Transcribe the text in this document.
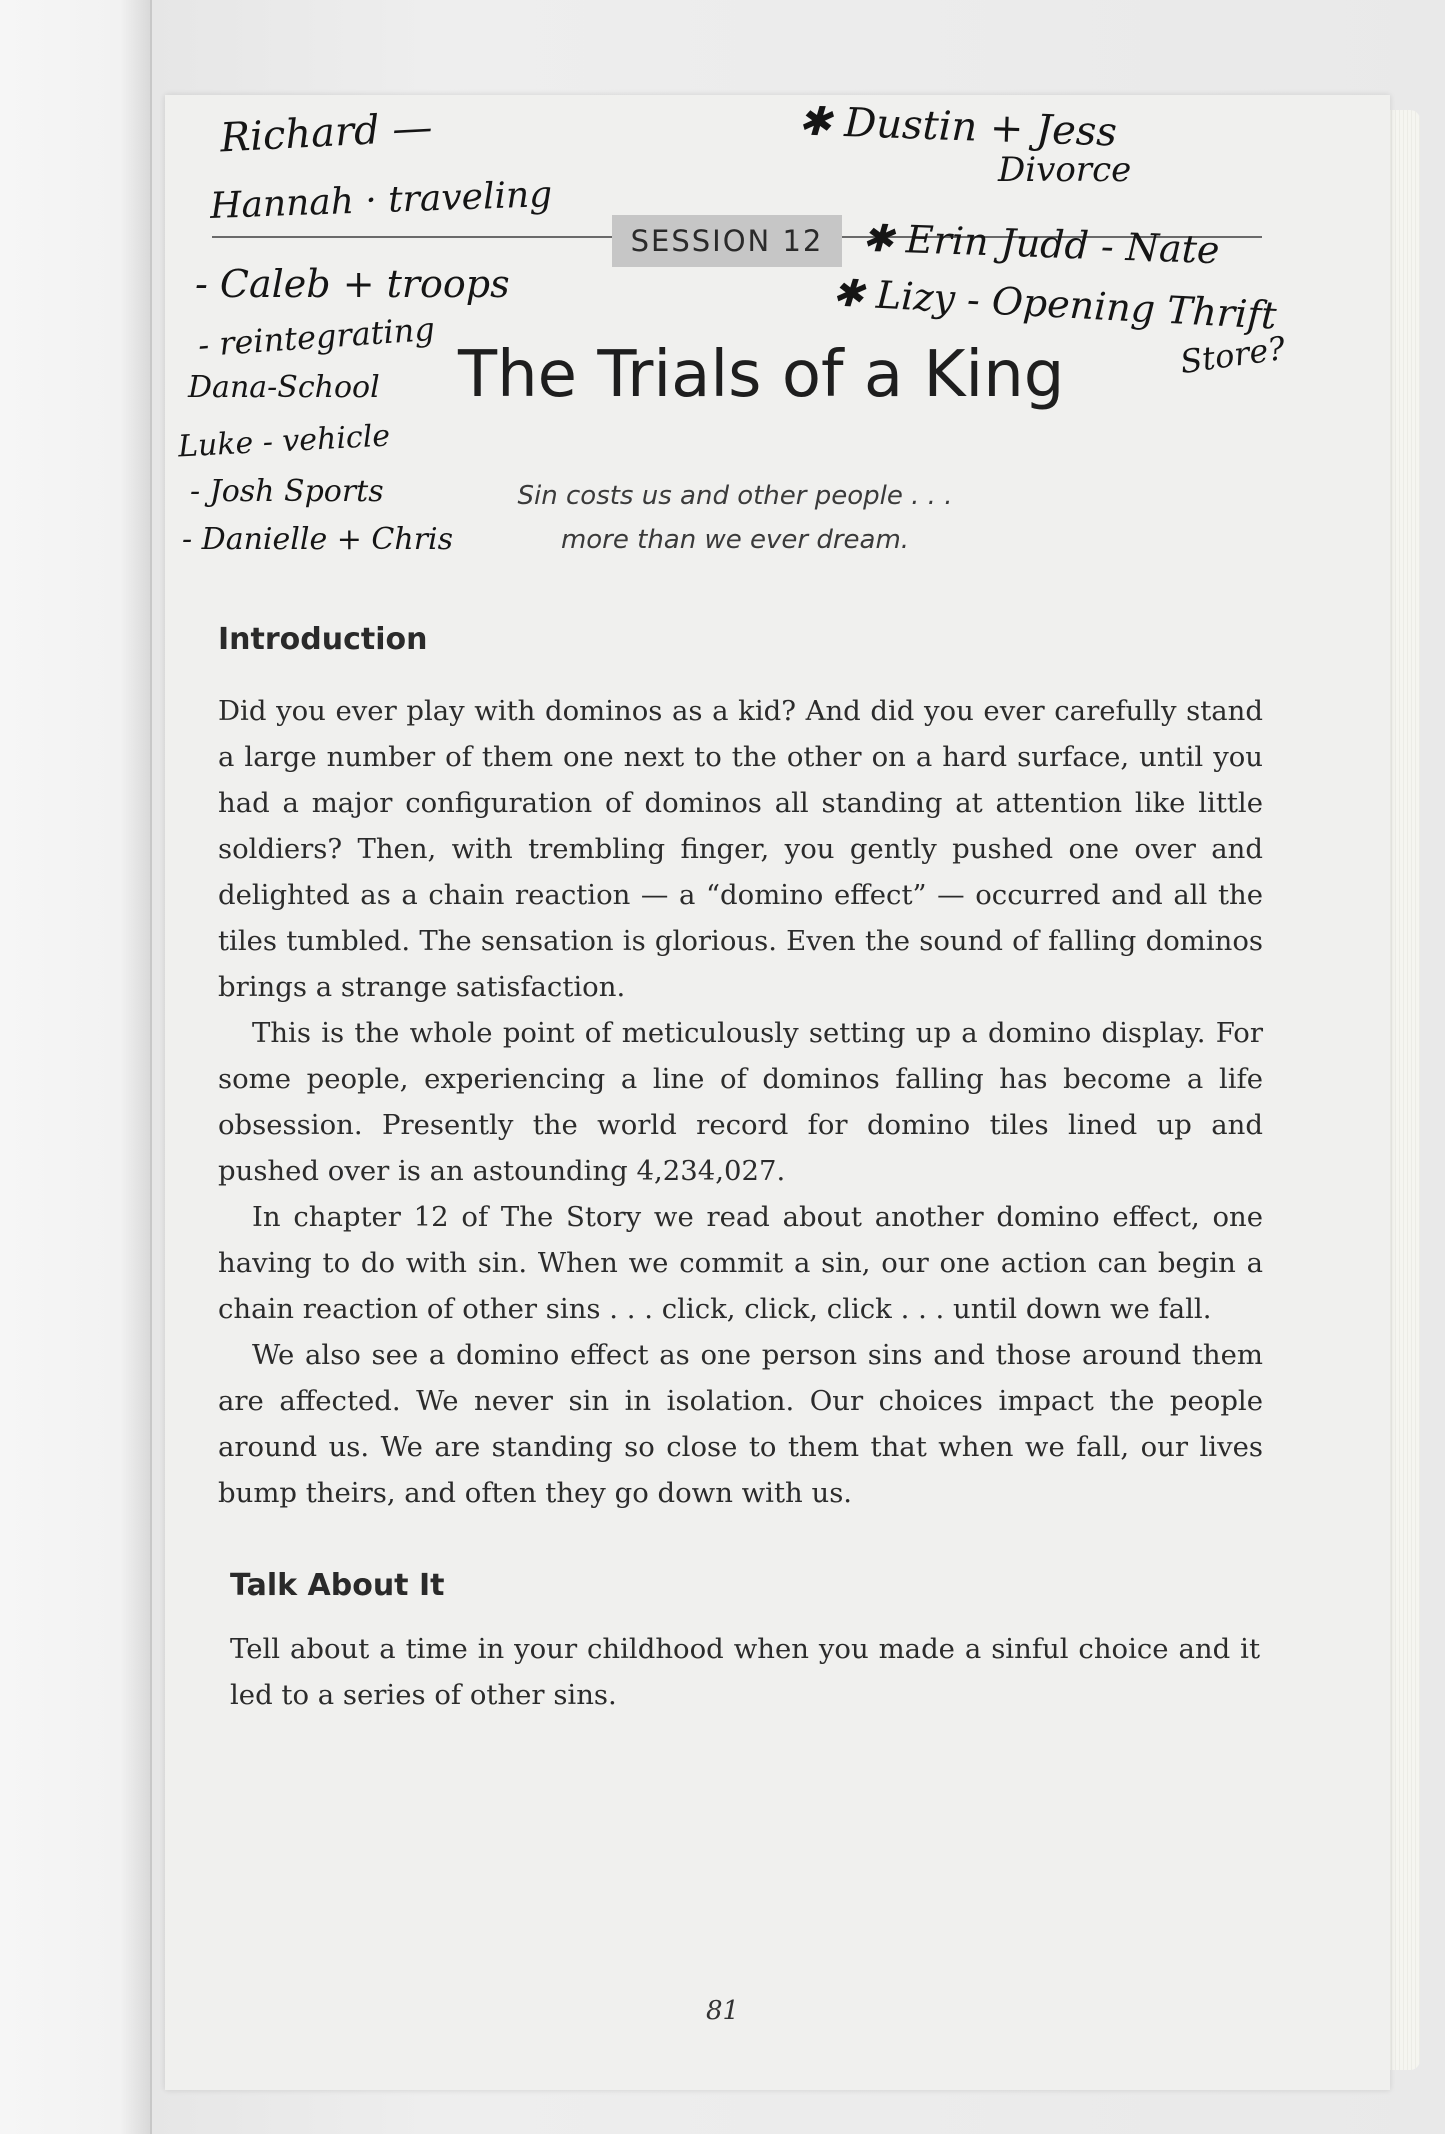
SESSION 12
The Trials of a King
Sin costs us and other people . . .
more than we ever dream.
Introduction

Did you ever play with dominos as a kid? And did you ever carefully stand a large number of them one next to the other on a hard surface, until you had a major configuration of dominos all standing at attention like little soldiers? Then, with trembling finger, you gently pushed one over and delighted as a chain reaction — a “domino effect” — occurred and all the tiles tumbled. The sensation is glorious. Even the sound of falling dominos brings a strange satisfaction.

This is the whole point of meticulously setting up a domino display. For some people, experiencing a line of dominos falling has become a life obsession. Presently the world record for domino tiles lined up and pushed over is an astounding 4,234,027.

In chapter 12 of The Story we read about another domino effect, one having to do with sin. When we commit a sin, our one action can begin a chain reaction of other sins . . . click, click, click . . . until down we fall.

We also see a domino effect as one person sins and those around them are affected. We never sin in isolation. Our choices impact the people around us. We are standing so close to them that when we fall, our lives bump theirs, and often they go down with us.

Talk About It

Tell about a time in your childhood when you made a sinful choice and it led to a series of other sins.

81
Richard —
Hannah · traveling
- Caleb + troops
- reintegrating
Dana-School
Luke - vehicle
- Josh Sports
- Danielle + Chris
✱ Dustin + Jess
Divorce
✱ Erin Judd - Nate
✱ Lizy - Opening Thrift
Store?
